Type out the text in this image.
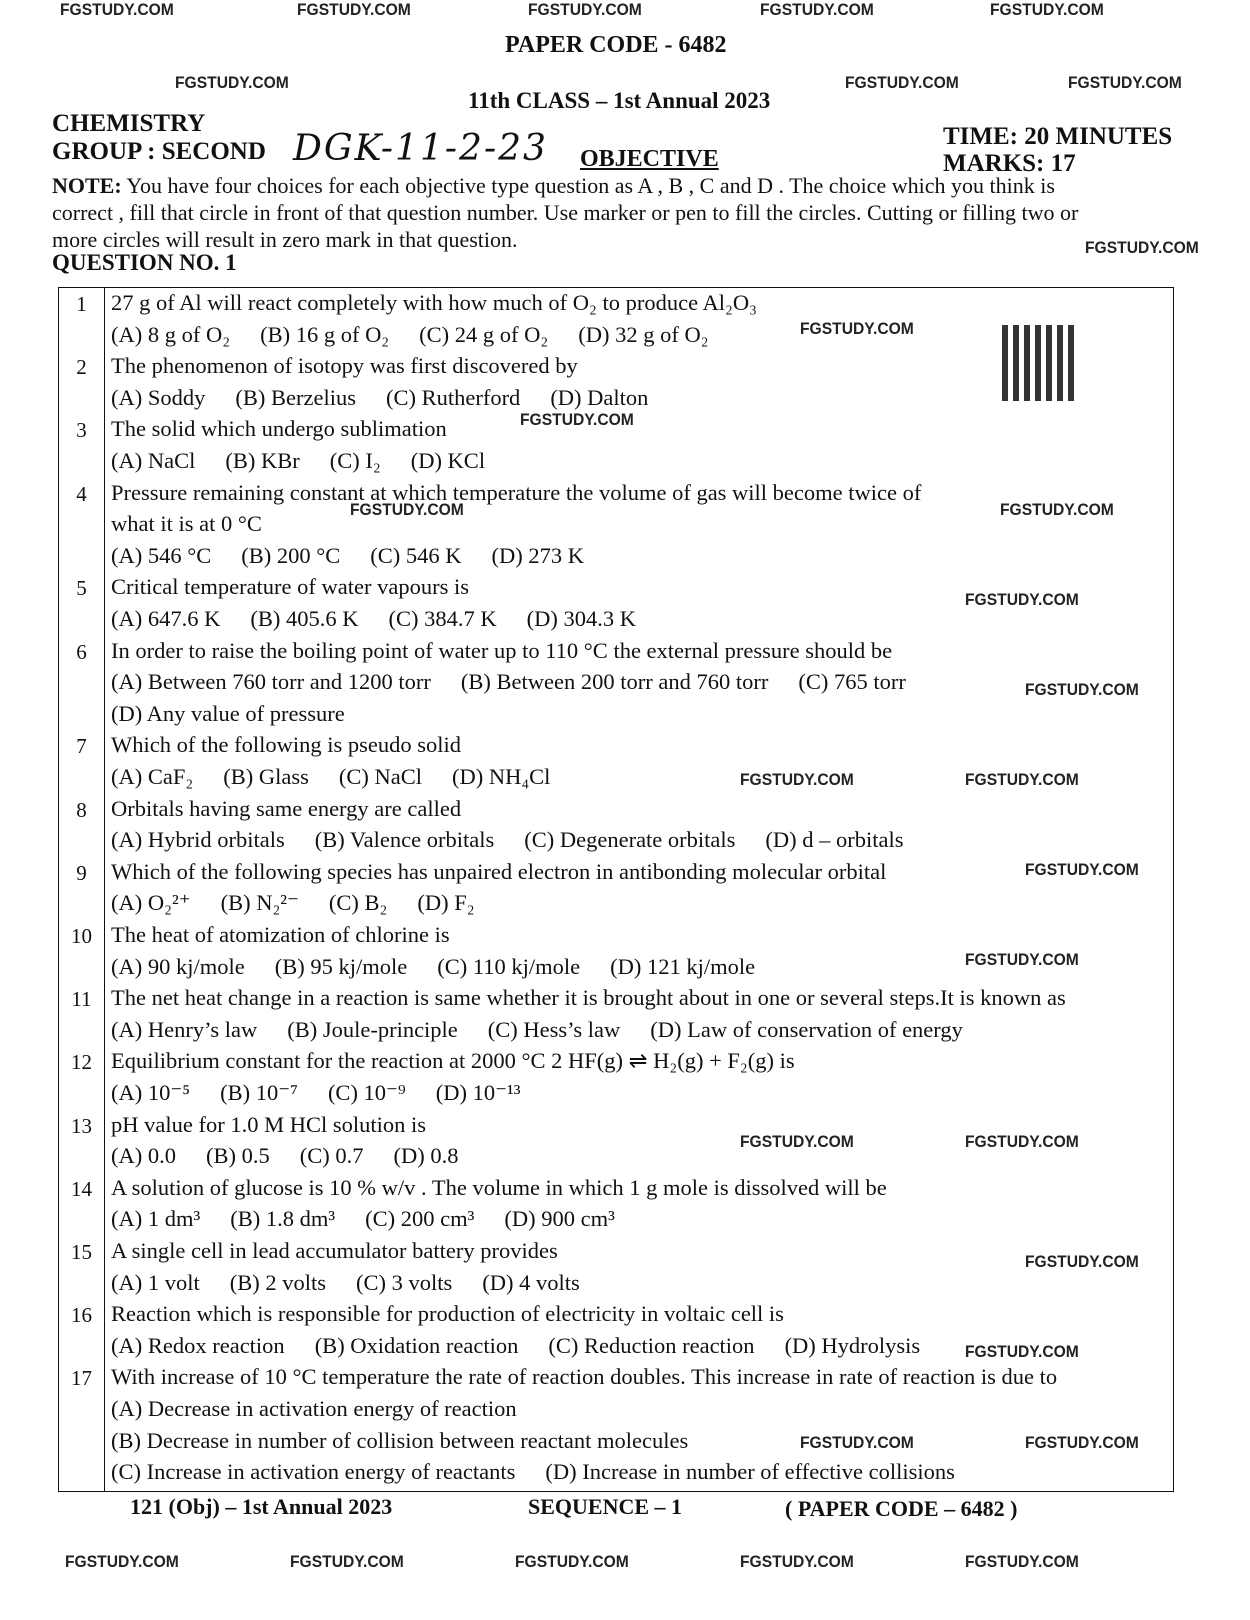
FGSTUDY.COM	FGSTUDY.COM	FGSTUDY.COM	FGSTUDY.COM	FGSTUDY.COM
FGSTUDY.COM	FGSTUDY.COM	FGSTUDY.COM
FGSTUDY.COM
FGSTUDY.COM
FGSTUDY.COM
FGSTUDY.COM
FGSTUDY.COM
FGSTUDY.COM
FGSTUDY.COM
FGSTUDY.COM	FGSTUDY.COM
FGSTUDY.COM
FGSTUDY.COM
FGSTUDY.COM	FGSTUDY.COM
FGSTUDY.COM
FGSTUDY.COM
FGSTUDY.COM	FGSTUDY.COM
FGSTUDY.COM	FGSTUDY.COM	FGSTUDY.COM	FGSTUDY.COM	FGSTUDY.COM
PAPER CODE - 6482
11th CLASS – 1st Annual 2023
CHEMISTRY
GROUP : SECOND DGK-11-2-23 OBJECTIVE
TIME: 20 MINUTES
MARKS: 17
NOTE: You have four choices for each objective type question as A , B , C and D . The choice which you think is correct , fill that circle in front of that question number. Use marker or pen to fill the circles. Cutting or filling two or more circles will result in zero mark in that question.
QUESTION NO. 1
1	27 g of Al will react completely with how much of O₂ to produce Al₂O₃
(A) 8 g of O₂ (B) 16 g of O₂ (C) 24 g of O₂ (D) 32 g of O₂
2	The phenomenon of isotopy was first discovered by
(A) Soddy (B) Berzelius (C) Rutherford (D) Dalton
3	The solid which undergo sublimation
(A) NaCl (B) KBr (C) I₂ (D) KCl
4	Pressure remaining constant at which temperature the volume of gas will become twice of
what it is at 0 °C
(A) 546 °C (B) 200 °C (C) 546 K (D) 273 K
5	Critical temperature of water vapours is
(A) 647.6 K (B) 405.6 K (C) 384.7 K (D) 304.3 K
6	In order to raise the boiling point of water up to 110 °C the external pressure should be
(A) Between 760 torr and 1200 torr (B) Between 200 torr and 760 torr (C) 765 torr
(D) Any value of pressure
7	Which of the following is pseudo solid
(A) CaF₂ (B) Glass (C) NaCl (D) NH₄Cl
8	Orbitals having same energy are called
(A) Hybrid orbitals (B) Valence orbitals (C) Degenerate orbitals (D) d – orbitals
9	Which of the following species has unpaired electron in antibonding molecular orbital
(A) O₂²⁺ (B) N₂²⁻ (C) B₂ (D) F₂
10 The heat of atomization of chlorine is
(A) 90 kj/mole (B) 95 kj/mole (C) 110 kj/mole (D) 121 kj/mole
11 The net heat change in a reaction is same whether it is brought about in one or several steps.It is known as
(A) Henry’s law (B) Joule-principle (C) Hess’s law (D) Law of conservation of energy
12 Equilibrium constant for the reaction at 2000 °C 2 HF(g) ⇌ H₂(g) + F₂(g) is
(A) 10⁻⁵ (B) 10⁻⁷ (C) 10⁻⁹ (D) 10⁻¹³
13 pH value for 1.0 M HCl solution is
(A) 0.0 (B) 0.5 (C) 0.7 (D) 0.8
14 A solution of glucose is 10 % w/v . The volume in which 1 g mole is dissolved will be
(A) 1 dm³ (B) 1.8 dm³ (C) 200 cm³ (D) 900 cm³
15 A single cell in lead accumulator battery provides
(A) 1 volt (B) 2 volts (C) 3 volts (D) 4 volts
16 Reaction which is responsible for production of electricity in voltaic cell is
(A) Redox reaction (B) Oxidation reaction (C) Reduction reaction (D) Hydrolysis
17 With increase of 10 °C temperature the rate of reaction doubles. This increase in rate of reaction is due to
(A) Decrease in activation energy of reaction
(B) Decrease in number of collision between reactant molecules
(C) Increase in activation energy of reactants (D) Increase in number of effective collisions
121 (Obj) – 1st Annual 2023	SEQUENCE – 1	( PAPER CODE – 6482 )
